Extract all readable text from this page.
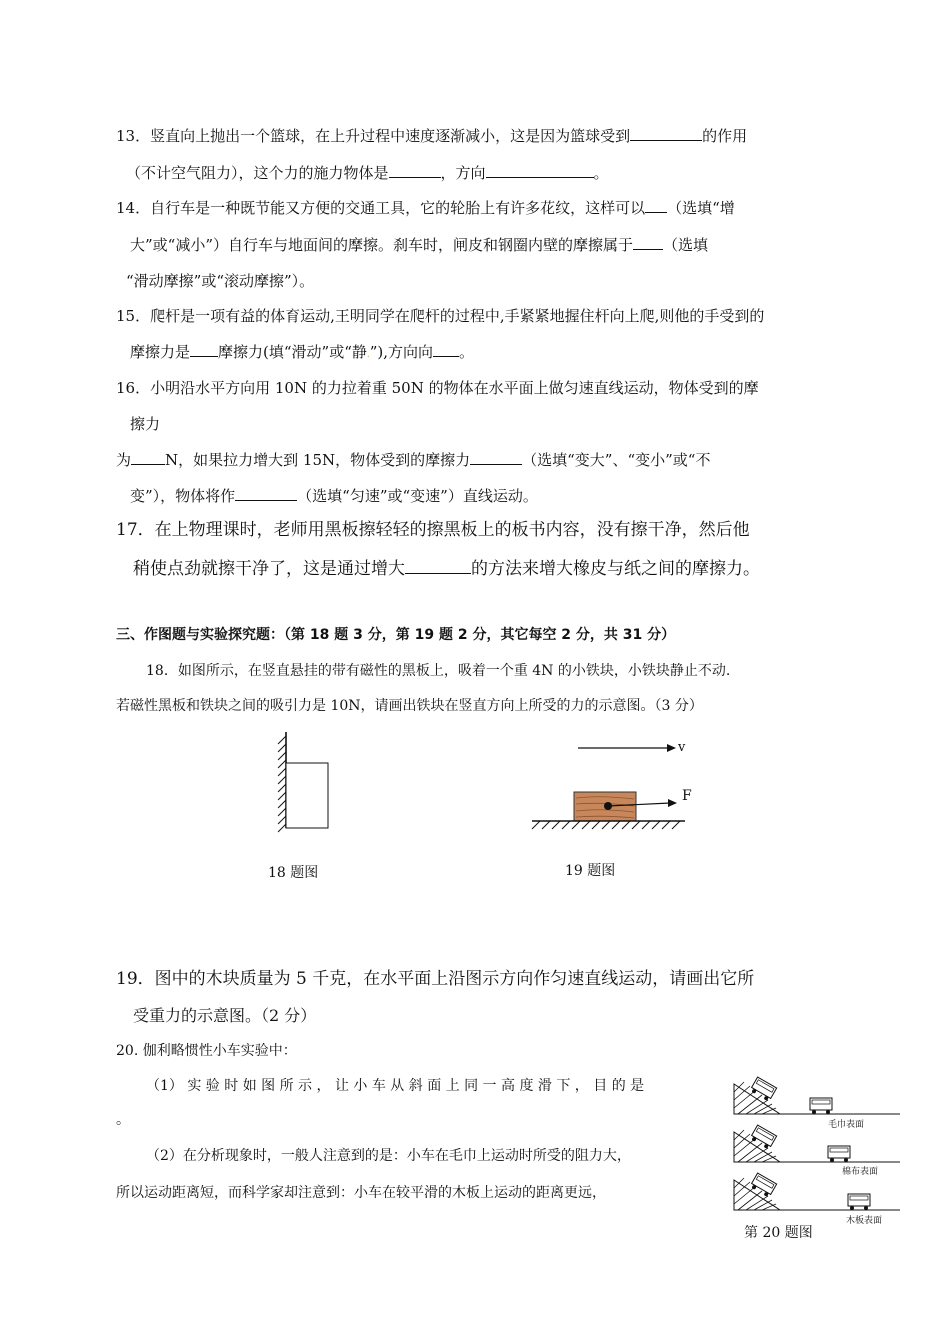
13．竖直向上抛出一个篮球，在上升过程中速度逐渐减小，这是因为篮球受到	的作用
（不计空气阻力），这个力的施力物体是	，方向	。
14．自行车是一种既节能又方便的交通工具，它的轮胎上有许多花纹，这样可以 （选填“增
大”或“减小”）自行车与地面间的摩擦。刹车时，闸皮和钢圈内壁的摩擦属于 （选填
“滑动摩擦”或“滚动摩擦”）。
15．爬杆是一项有益的体育运动,王明同学在爬杆的过程中,手紧紧地握住杆向上爬,则他的手受到的
摩擦力是 摩擦力(填“滑动”或“静.”),方向向 。
16．小明沿水平方向用 10N 的力拉着重 50N 的物体在水平面上做匀速直线运动，物体受到的摩
擦力
为 N，如果拉力增大到 15N，物体受到的摩擦力	（选填“变大”、“变小”或“不
变”），物体将作	（选填“匀速”或“变速”）直线运动。
17．在上物理课时，老师用黑板擦轻轻的擦黑板上的板书内容，没有擦干净，然后他
稍使点劲就擦干净了，这是通过增大	的方法来增大橡皮与纸之间的摩擦力。
三、作图题与实验探究题：（第 18 题 3 分，第 19 题 2 分，其它每空 2 分，共 31 分）
18．如图所示，在竖直悬挂的带有磁性的黑板上，吸着一个重 4N 的小铁块，小铁块静止不动.
若磁性黑板和铁块之间的吸引力是 10N，请画出铁块在竖直方向上所受的力的示意图。（3 分）
18 题图
v
F
19 题图
19．图中的木块质量为 5 千克，在水平面上沿图示方向作匀速直线运动，请画出它所
受重力的示意图。（2 分）
20. 伽利略惯性小车实验中：
（1） 实 验 时 如 图 所 示 ， 让 小 车 从 斜 面 上 同 一 高 度 滑 下 ， 目 的 是
。
（2）在分析现象时，一般人注意到的是：小车在毛巾上运动时所受的阻力大，
所以运动距离短，而科学家却注意到：小车在较平滑的木板上运动的距离更远，
毛巾表面
棉布表面
木板表面
第 20 题图
